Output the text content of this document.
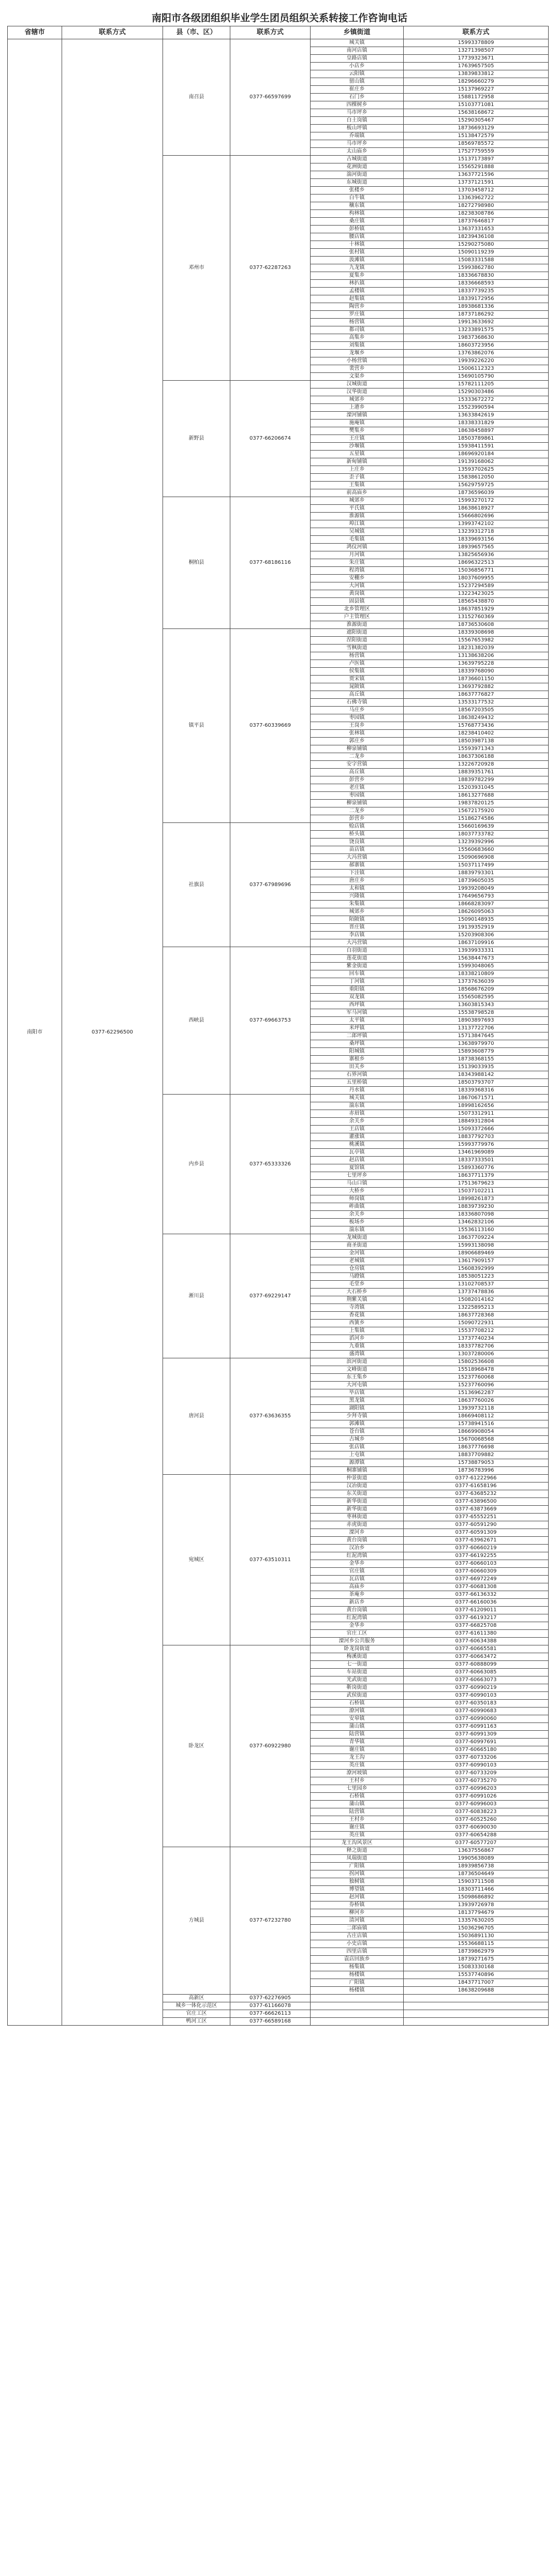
南阳市各级团组织毕业学生团员组织关系转接工作咨询电话
省辖市	联系方式	县（市、区）	联系方式	乡镇街道	联系方式
南阳市	0377-62296500	南召县	0377-66597699	城关镇	15993378809
				南河店镇	13271398507
				皇路店镇	17739323671
				小店乡	17639657505
				云阳镇	13839833812
				留山镇	18296660279
				崔庄乡	15137969227
				石门乡	15881172958
				四棵树乡	15103771081
				马市坪乡	15638168672
				白土岗镇	15290305467
				板山坪镇	18736693129
				乔端镇	15138472579
				马市坪乡	18569785572
				太山庙乡	17527759559
		邓州市	0377-62287263	古城街道	15137173897
				花洲街道	15565291888
				湍河街道	13637721596
				东城街道	13737121591
				张楼乡	13703458712
				白牛镇	13363962722
				穰东镇	18272798980
				构林镇	18238308786
				桑庄镇	18737646817
				彭桥镇	13637331653
				腰店镇	18239436108
				十林镇	15290275080
				张村镇	15090119239
				汲滩镇	15083331588
				九龙镇	15993862780
				夏集乡	18336678830
				林扒镇	18336668593
				孟楼镇	18337739235
				赵集镇	18339172956
				陶营乡	18938681336
				罗庄镇	18737186292
				杨营镇	19913633692
				都司镇	13233891575
				高集乡	19837368630
				刘集镇	18603723956
				龙堰乡	13763862076
				小杨营镇	19939226220
				裴营乡	15006112323
				文渠乡	15690105790
		新野县	0377-66206674	汉城街道	15782111205
				汉华街道	15290303486
				城郊乡	15333672272
				上港乡	15523990594
				溧河铺镇	13633842619
				施庵镇	18338331829
				樊集乡	18638458897
				王庄镇	18503789861
				沙堰镇	15938411591
				五星镇	18696920184
				新甸铺镇	19139168062
				上庄乡	13593702625
				歪子镇	15838612050
				王集镇	15629759725
				前高庙乡	18736596039
		桐柏县	0377-68186116	城郊乡	15993270172
				平氏镇	18638618927
				淮源镇	15666802696
				埠江镇	13993742102
				吴城镇	13239312718
				毛集镇	18339693156
				鸿仪河镇	18939657565
				月河镇	13825656936
				朱庄镇	18696322513
				程湾镇	15036856771
				安棚乡	18037609955
				大河镇	15237294589
				黄岗镇	13223423025
				固县镇	18565438870
				北乡管理区	18637851929
				户主管理区	13152760369
				淮源街道	18736530608
		镇平县	0377-60339669	遮阳街道	18339308698
				涅阳街道	15567653982
				雪枫街道	18231382039
				杨营镇	13138638206
				卢医镇	13639795228
				侯集镇	18339768090
				贾宋镇	18736601150
				晁陂镇	13693792882
				高丘镇	18637776827
				石佛寺镇	13533177532
				马庄乡	18567203505
				枣园镇	18638249432
				王岗乡	15768773436
				张林镇	18238410402
				郭庄乡	18503987138
				柳泉铺镇	15593971343
				二龙乡	18637306188
				安字营镇	13226720928
				高丘镇	18839351761
				彭营乡	18839782299
				老庄镇	15203931045
				枣园镇	18613277688
				柳泉铺镇	19837820125
				二龙乡	15672175920
				彭营乡	15186274586
		社旗县	0377-67989696	赊店镇	15660169639
				桥头镇	18037733782
				饶良镇	13239392996
				苗店镇	15560683660
				大冯营镇	15090696908
				郝寨镇	15037117499
				下洼镇	18839793301
				唐庄乡	18739605035
				太和镇	19939208049
				兴隆镇	17649656793
				朱集镇	18668283097
				城郊乡	18626095063
				陌陂镇	15090148935
				晋庄镇	19139352919
				李店镇	15203908306
				大冯营镇	18637109916
		西峡县	0377-69663753	白羽街道	13939933331
				莲花街道	15638447673
				紫金街道	15993048065
				回车镇	18338210809
				丁河镇	13737636039
				重阳镇	18568676209
				双龙镇	15565082595
				西坪镇	13603815343
				军马河镇	15538798528
				太平镇	18903897693
				米坪镇	13137722706
				二郎坪镇	15713847645
				桑坪镇	13638979970
				阳城镇	15893608779
				寨根乡	18738368155
				田关乡	15139033935
				石界河镇	18343988142
				五里桥镇	18503793707
				丹水镇	18339368316
		内乡县	0377-65333326	城关镇	18670671571
				湍东镇	18998162656
				赤眉镇	15073312911
				余关乡	18849312804
				王店镇	15093372666
				灌涨镇	18837792703
				桃溪镇	15993779976
				瓦亭镇	13461969089
				赵店镇	18337333501
				夏馆镇	15893360776
				七里坪乡	18637711379
				马山口镇	17513679623
				大桥乡	15037102211
				师岗镇	18998261873
				岞曲镇	18839739230
				余关乡	18336807098
				板场乡	13462832106
				湍东镇	15536113160
		淅川县	0377-69229147	龙城街道	18637709224
				商圣街道	15993138098
				金河镇	18906689469
				老城镇	13617909157
				仓房镇	15608392999
				马蹬镇	18538051223
				毛堂乡	13102708537
				大石桥乡	13737478836
				荆紫关镇	15082014162
				寺湾镇	13225895213
				香花镇	18637728368
				西簧乡	15090722931
				上集镇	15537708212
				滔河乡	13737740234
				九重镇	18337782706
				盛湾镇	13037280006
		唐河县	0377-63636355	滨河街道	15802536608
				文峰街道	15518968478
				东王集乡	15237760068
				大河屯镇	15237760096
				毕店镇	15136962287
				黑龙镇	18637760026
				湖阳镇	13939732118
				少拜寺镇	18669408112
				郭滩镇	15738941516
				苍台镇	18669908054
				古城乡	15670068568
				张店镇	18637776698
				上屯镇	18837709882
				源潭镇	15738879053
				桐寨铺镇	18736783996
		宛城区	0377-63510311	仲景街道	0377-61222966
				汉冶街道	0377-61658196
				东关街道	0377-63685232
				新华街道	0377-63896500
				新华街道	0377-63873669
				枣林街道	0377-65552251
				赤虎街道	0377-60591290
				溧河乡	0377-60591309
				黄台岗镇	0377-63962671
				汉冶乡	0377-60660219
				红泥湾镇	0377-66192255
				金华乡	0377-60660103
				官庄镇	0377-60660309
				瓦店镇	0377-66972249
				高庙乡	0377-60681308
				茶庵乡	0377-66136332
				新店乡	0377-66160036
				黄台岗镇	0377-61209011
				红泥湾镇	0377-66193217
				金华乡	0377-66825708
				官庄工区	0377-61611380
				溧河乡公共服务	0377-60634388
		卧龙区	0377-60922980	卧龙岗街道	0377-60665581
				梅溪街道	0377-60663472
				七一街道	0377-60888099
				车站街道	0377-60663085
				光武街道	0377-60663073
				靳岗街道	0377-60990219
				武侯街道	0377-60990103
				石桥镇	0377-60350183
				潦河镇	0377-60990683
				安皋镇	0377-60990060
				蒲山镇	0377-60991163
				陆营镇	0377-60991309
				青华镇	0377-60997691
				谢庄镇	0377-60665180
				龙王沟	0377-60733206
				英庄镇	0377-60990103
				潦河坡镇	0377-60733209
				王村乡	0377-60735270
				七里园乡	0377-60996203
				石桥镇	0377-60991026
				蒲山镇	0377-60996003
				陆营镇	0377-60838223
				王村乡	0377-60525260
				谢庄镇	0377-60690030
				英庄镇	0377-60654288
				龙王沟风景区	0377-60577207
		方城县	0377-67232780	释之街道	13637556867
				凤瑞街道	19905638089
				广阳镇	18939856738
				拐河镇	18736504649
				独树镇	15903711508
				博望镇	18303711466
				赵河镇	15098686892
				券桥镇	13939726978
				柳河乡	18137794679
				清河镇	13357630205
				二郎庙镇	15036296705
				古庄店镇	15036891130
				小史店镇	15536688115
				四里店镇	18739862979
				袁店回族乡	18739271675
				杨集镇	15083330168
				杨楼镇	15537740896
				广阳镇	18437717007
				杨楼镇	18638209688
		高新区	0377-62276905		
		城乡一体化示范区	0377-61166078		
		官庄工区	0377-66626113		
		鸭河工区	0377-66589168		
